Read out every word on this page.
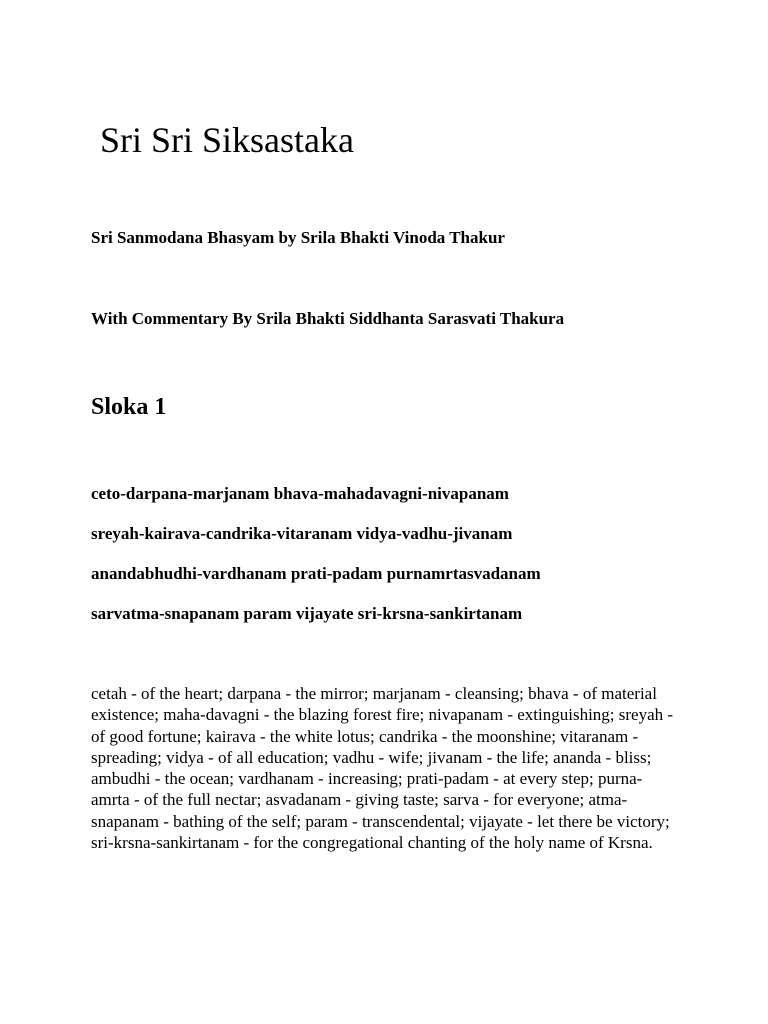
Sri Sri Siksastaka

Sri Sanmodana Bhasyam by Srila Bhakti Vinoda Thakur

With Commentary By Srila Bhakti Siddhanta Sarasvati Thakura

Sloka 1

ceto-darpana-marjanam bhava-mahadavagni-nivapanam

sreyah-kairava-candrika-vitaranam vidya-vadhu-jivanam

anandabhudhi-vardhanam prati-padam purnamrtasvadanam

sarvatma-snapanam param vijayate sri-krsna-sankirtanam

cetah - of the heart; darpana - the mirror; marjanam - cleansing; bhava - of material existence; maha-davagni - the blazing forest fire; nivapanam - extinguishing; sreyah - of good fortune; kairava - the white lotus; candrika - the moonshine; vitaranam - spreading; vidya - of all education; vadhu - wife; jivanam - the life; ananda - bliss; ambudhi - the ocean; vardhanam - increasing; prati-padam - at every step; purna-amrta - of the full nectar; asvadanam - giving taste; sarva - for everyone; atma-snapanam - bathing of the self; param - transcendental; vijayate - let there be victory; sri-krsna-sankirtanam - for the congregational chanting of the holy name of Krsna.
